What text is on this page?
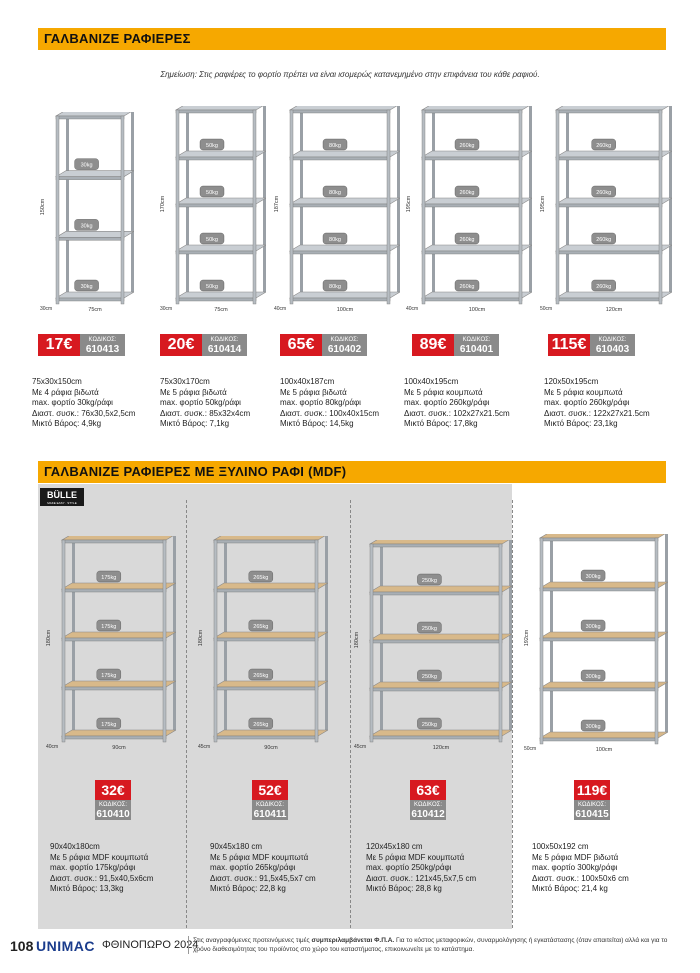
ΓΑΛΒΑΝΙΖΕ ΡΑΦΙΕΡΕΣ
Σημείωση: Στις ραφιέρες το φορτίο πρέπει να είναι ισομερώς κατανεμημένο στην επιφάνεια του κάθε ραφιού.
30kg
30kg
30kg
150cm
75cm
30cm
17€	ΚΩΔΙΚΟΣ:
610413
75x30x150cm
Με 4 ράφια βιδωτά
max. φορτίο 30kg/ράφι
Διαστ. συσκ.: 76x30,5x2,5cm
Μικτό Βάρος: 4,9kg
50kg
50kg
50kg
50kg
170cm
75cm
30cm
20€	ΚΩΔΙΚΟΣ:
610414
75x30x170cm
Με 5 ράφια βιδωτά
max. φορτίο 50kg/ράφι
Διαστ. συσκ.: 85x32x4cm
Μικτό Βάρος: 7,1kg
80kg
80kg
80kg
80kg
187cm
100cm
40cm
65€	ΚΩΔΙΚΟΣ:
610402
100x40x187cm
Με 5 ράφια βιδωτά
max. φορτίο 80kg/ράφι
Διαστ. συσκ.: 100x40x15cm
Μικτό Βάρος: 14,5kg
260kg
260kg
260kg
260kg
195cm
100cm
40cm
89€	ΚΩΔΙΚΟΣ:
610401
100x40x195cm
Με 5 ράφια κουμπωτά
max. φορτίο 260kg/ράφι
Διαστ. συσκ.: 102x27x21.5cm
Μικτό Βάρος: 17,8kg
260kg
260kg
260kg
260kg
195cm
120cm
50cm
115€	ΚΩΔΙΚΟΣ:
610403
120x50x195cm
Με 5 ράφια κουμπωτά
max. φορτίο 260kg/ράφι
Διαστ. συσκ.: 122x27x21.5cm
Μικτό Βάρος: 23,1kg
ΓΑΛΒΑΝΙΖΕ ΡΑΦΙΕΡΕΣ ΜΕ ΞΥΛΙΝΟ ΡΑΦΙ (MDF)
BÜLLE
MAKE EASY · STYLE
175kg
175kg
175kg
175kg
180cm
90cm
40cm
32€
ΚΩΔΙΚΟΣ:
610410
90x40x180cm
Με 5 ράφια MDF κουμπωτά
max. φορτίο 175kg/ράφι
Διαστ. συσκ.: 91,5x40,5x6cm
Μικτό Βάρος: 13,3kg
265kg
265kg
265kg
265kg
180cm
90cm
45cm
52€
ΚΩΔΙΚΟΣ:
610411
90x45x180 cm
Με 5 ράφια MDF κουμπωτά
max. φορτίο 265kg/ράφι
Διαστ. συσκ.: 91,5x45,5x7 cm
Μικτό Βάρος: 22,8 kg
250kg
250kg
250kg
250kg
180cm
120cm
45cm
63€
ΚΩΔΙΚΟΣ:
610412
120x45x180 cm
Με 5 ράφια MDF κουμπωτά
max. φορτίο 250kg/ράφι
Διαστ. συσκ.: 121x45,5x7,5 cm
Μικτό Βάρος: 28,8 kg
300kg
300kg
300kg
300kg
192cm
100cm
50cm
119€
ΚΩΔΙΚΟΣ:
610415
100x50x192 cm
Με 5 ράφια MDF βιδωτά
max. φορτίο 300kg/ράφι
Διαστ. συσκ.: 100x50x6 cm
Μικτό Βάρος: 21,4 kg
108 UNIMAC ΦΘΙΝΟΠΩΡΟ 2024
Στις αναγραφόμενες προτεινόμενες τιμές συμπεριλαμβάνεται Φ.Π.Α. Για το κόστος μεταφορικών, συναρμολόγησης ή εγκατάστασης (όταν απαιτείται) αλλά και για το χρόνο διαθεσιμότητας του προϊόντος στο χώρο του καταστήματος, επικοινωνείτε με το κατάστημα.
